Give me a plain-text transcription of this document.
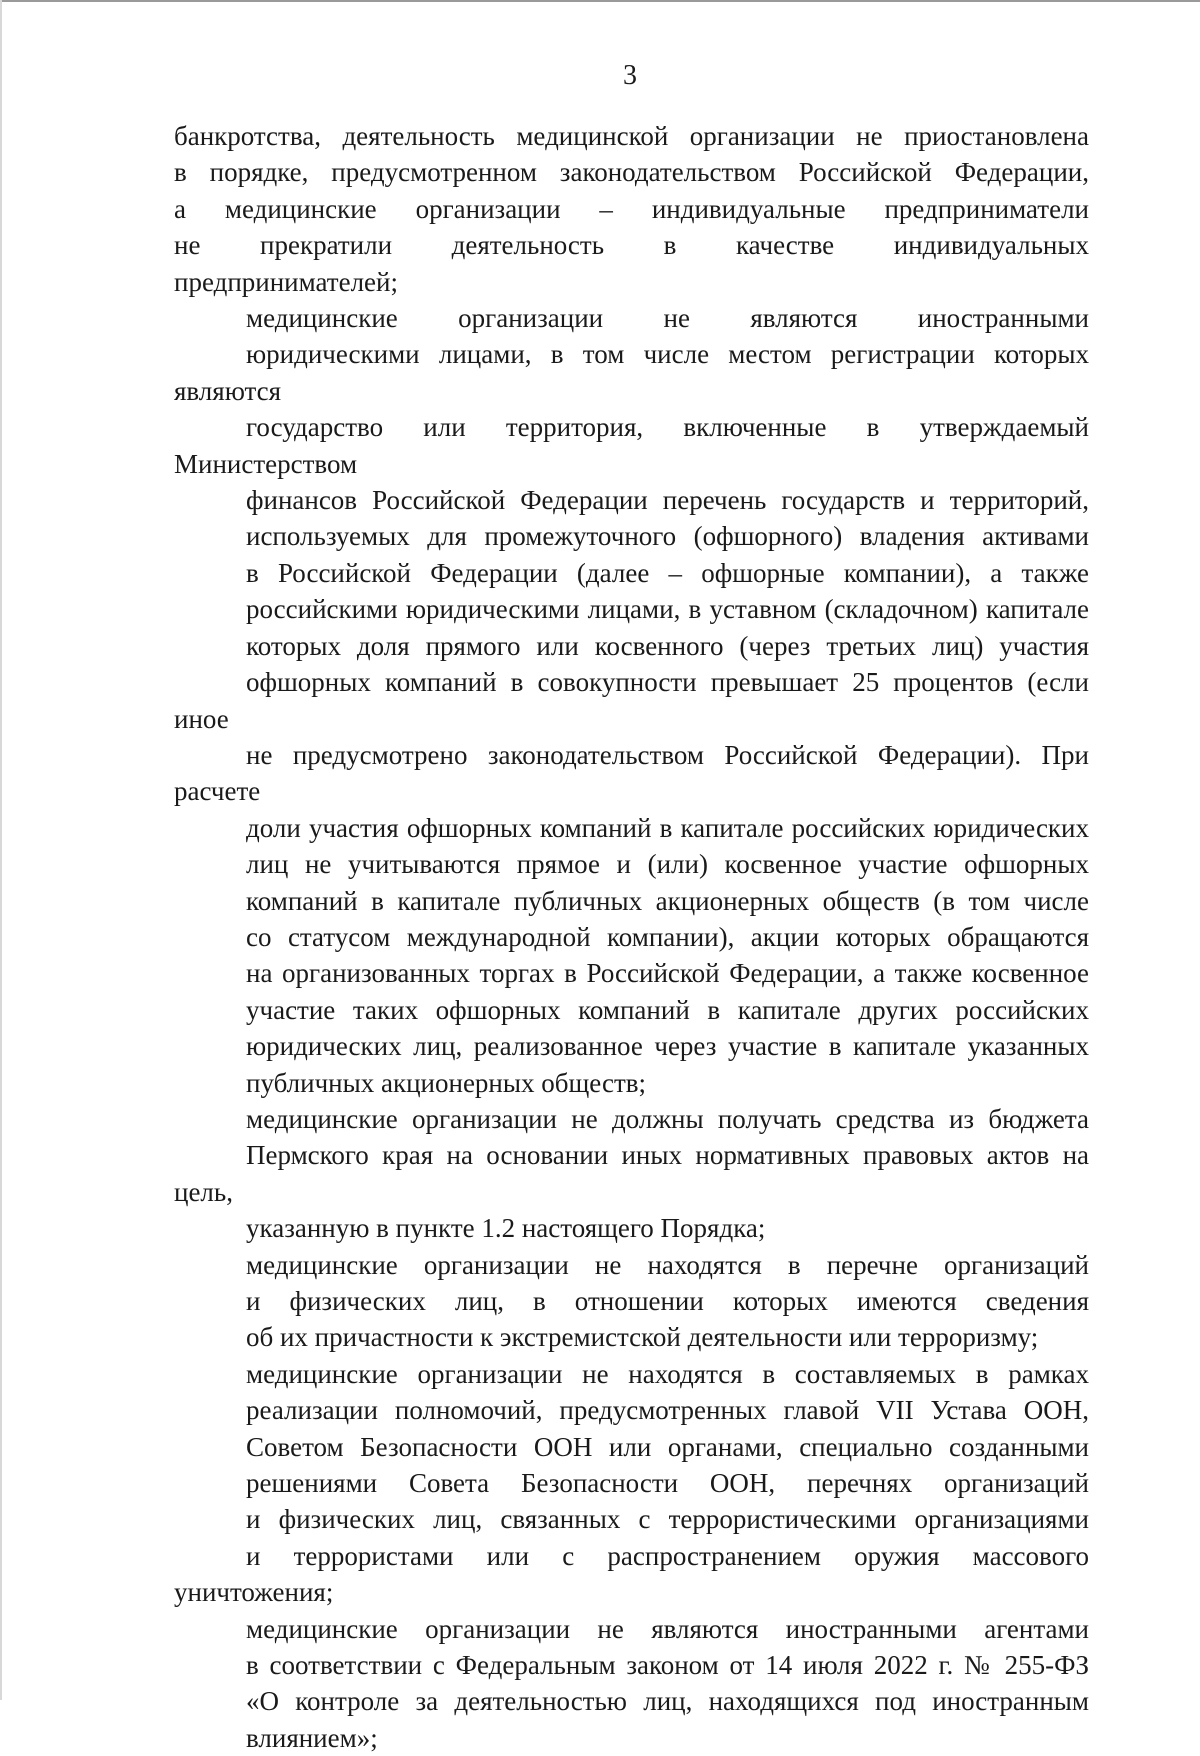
3
банкротства, деятельность медицинской организации не приостановлена
в порядке, предусмотренном законодательством Российской Федерации,
а медицинские организации – индивидуальные предприниматели
не прекратили деятельность в качестве индивидуальных
предпринимателей;
медицинские организации не являются иностранными
юридическими лицами, в том числе местом регистрации которых являются
государство или территория, включенные в утверждаемый Министерством
финансов Российской Федерации перечень государств и территорий,
используемых для промежуточного (офшорного) владения активами
в Российской Федерации (далее – офшорные компании), а также
российскими юридическими лицами, в уставном (складочном) капитале
которых доля прямого или косвенного (через третьих лиц) участия
офшорных компаний в совокупности превышает 25 процентов (если иное
не предусмотрено законодательством Российской Федерации). При расчете
доли участия офшорных компаний в капитале российских юридических
лиц не учитываются прямое и (или) косвенное участие офшорных
компаний в капитале публичных акционерных обществ (в том числе
со статусом международной компании), акции которых обращаются
на организованных торгах в Российской Федерации, а также косвенное
участие таких офшорных компаний в капитале других российских
юридических лиц, реализованное через участие в капитале указанных
публичных акционерных обществ;
медицинские организации не должны получать средства из бюджета
Пермского края на основании иных нормативных правовых актов на цель,
указанную в пункте 1.2 настоящего Порядка;
медицинские организации не находятся в перечне организаций
и физических лиц, в отношении которых имеются сведения
об их причастности к экстремистской деятельности или терроризму;
медицинские организации не находятся в составляемых в рамках
реализации полномочий, предусмотренных главой VII Устава ООН,
Советом Безопасности ООН или органами, специально созданными
решениями Совета Безопасности ООН, перечнях организаций
и физических лиц, связанных с террористическими организациями
и террористами или с распространением оружия массового уничтожения;
медицинские организации не являются иностранными агентами
в соответствии с Федеральным законом от 14 июля 2022 г. № 255-ФЗ
«О контроле за деятельностью лиц, находящихся под иностранным
влиянием»;
